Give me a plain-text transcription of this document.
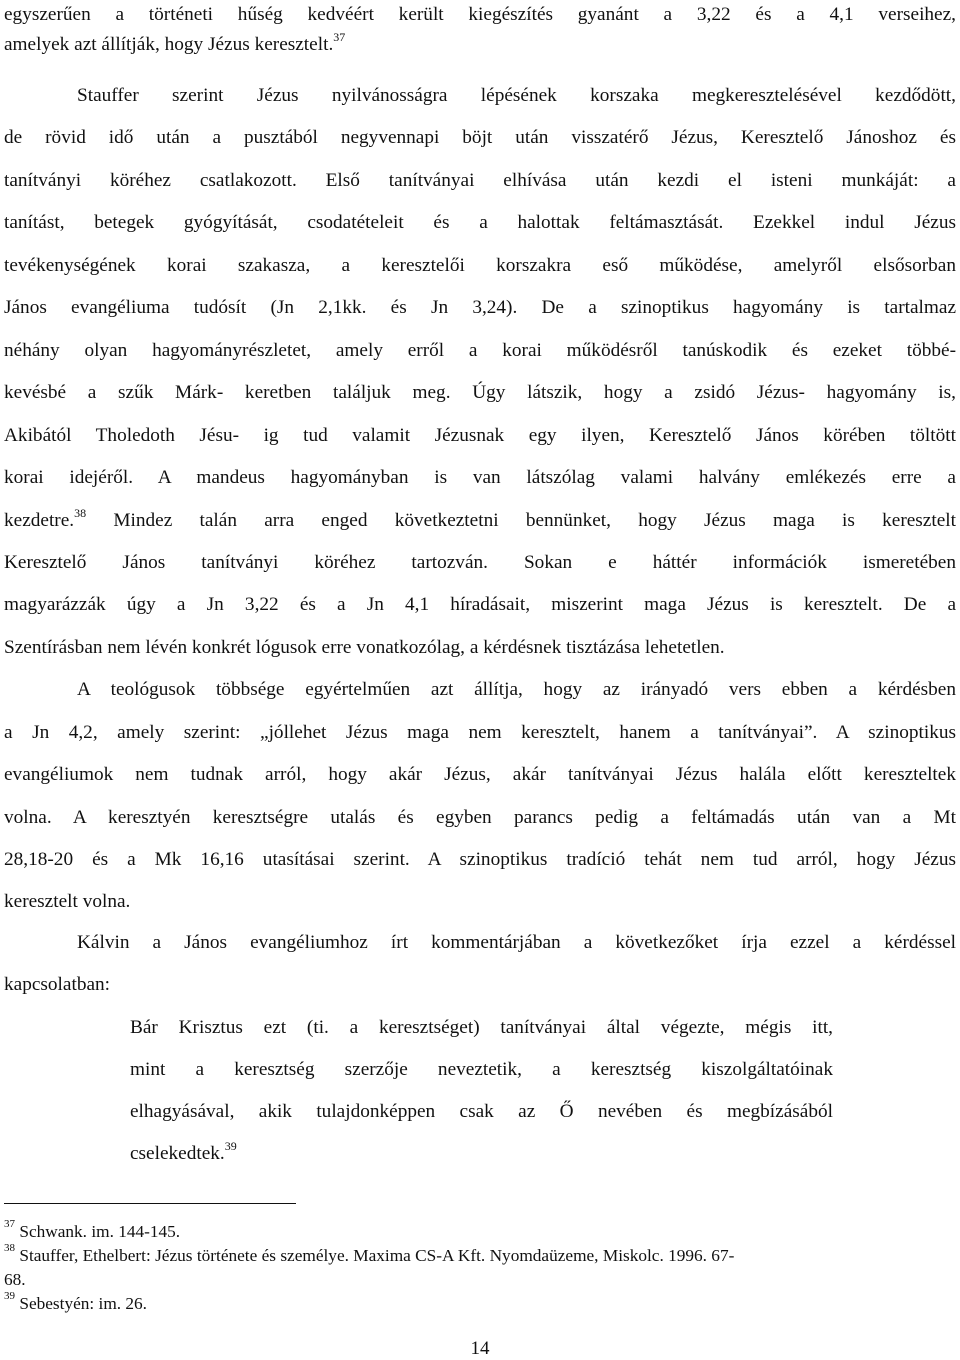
egyszerűen a történeti hűség kedvéért került kiegészítés gyanánt a 3,22 és a 4,1 verseihez,
amelyek azt állítják, hogy Jézus keresztelt.$^{37}$
Stauffer szerint Jézus nyilvánosságra lépésének korszaka megkeresztelésével kezdődött,
de rövid idő után a pusztából negyvennapi böjt után visszatérő Jézus, Keresztelő Jánoshoz és
tanítványi köréhez csatlakozott. Első tanítványai elhívása után kezdi el isteni munkáját: a
tanítást, betegek gyógyítását, csodatételeit és a halottak feltámasztását. Ezekkel indul Jézus
tevékenységének korai szakasza, a keresztelői korszakra eső működése, amelyről elsősorban
János evangéliuma tudósít (Jn 2,1kk. és Jn 3,24). De a szinoptikus hagyomány is tartalmaz
néhány olyan hagyományrészletet, amely erről a korai működésről tanúskodik és ezeket többé-
kevésbé a szűk Márk- keretben találjuk meg. Úgy látszik, hogy a zsidó Jézus- hagyomány is,
Akibától Tholedoth Jésu- ig tud valamit Jézusnak egy ilyen, Keresztelő János körében töltött
korai idejéről. A mandeus hagyományban is van látszólag valami halvány emlékezés erre a
kezdetre.$^{38}$ Mindez talán arra enged következtetni bennünket, hogy Jézus maga is keresztelt
Keresztelő János tanítványi köréhez tartozván. Sokan e háttér információk ismeretében
magyarázzák úgy a Jn 3,22 és a Jn 4,1 híradásait, miszerint maga Jézus is keresztelt. De a
Szentírásban nem lévén konkrét lógusok erre vonatkozólag, a kérdésnek tisztázása lehetetlen.
A teológusok többsége egyértelműen azt állítja, hogy az irányadó vers ebben a kérdésben
a Jn 4,2, amely szerint: „jóllehet Jézus maga nem keresztelt, hanem a tanítványai”. A szinoptikus
evangéliumok nem tudnak arról, hogy akár Jézus, akár tanítványai Jézus halála előtt kereszteltek
volna. A keresztyén keresztségre utalás és egyben parancs pedig a feltámadás után van a Mt
28,18-20 és a Mk 16,16 utasításai szerint. A szinoptikus tradíció tehát nem tud arról, hogy Jézus
keresztelt volna.
Kálvin a János evangéliumhoz írt kommentárjában a következőket írja ezzel a kérdéssel
kapcsolatban:
Bár Krisztus ezt (ti. a keresztséget) tanítványai által végezte, mégis itt,
mint a keresztség szerzője neveztetik, a keresztség kiszolgáltatóinak
elhagyásával, akik tulajdonképpen csak az Ő nevében és megbízásából
cselekedtek.$^{39}$
$^{37}$ Schwank. im. 144-145.
$^{38}$ Stauffer, Ethelbert: Jézus története és személye. Maxima CS-A Kft. Nyomdaüzeme, Miskolc. 1996. 67-
68.
$^{39}$ Sebestyén: im. 26.
14
